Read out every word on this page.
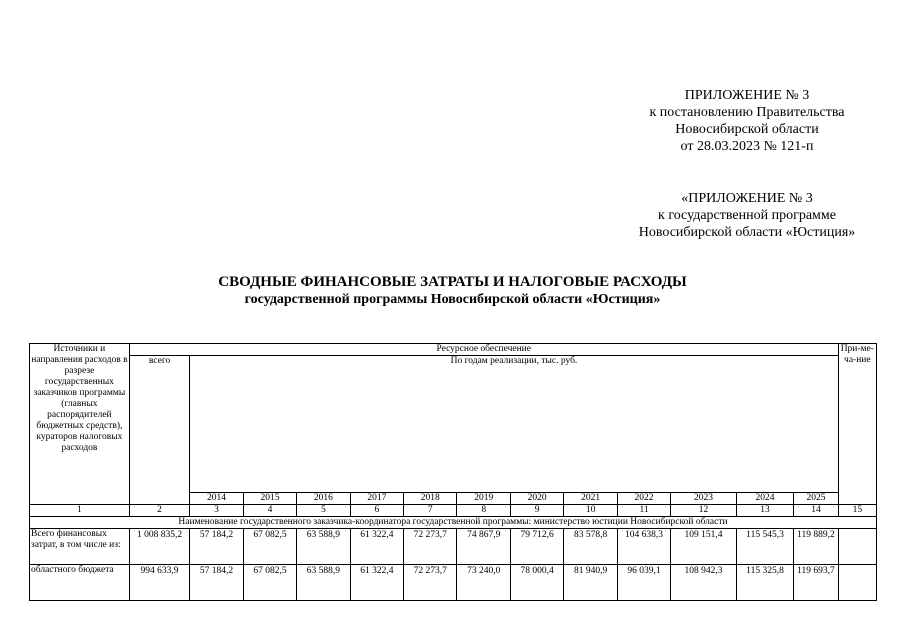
ПРИЛОЖЕНИЕ № 3
к постановлению Правительства
Новосибирской области
от 28.03.2023 № 121-п
«ПРИЛОЖЕНИЕ № 3
к государственной программе
Новосибирской области «Юстиция»
СВОДНЫЕ ФИНАНСОВЫЕ ЗАТРАТЫ И НАЛОГОВЫЕ РАСХОДЫ
государственной программы Новосибирской области «Юстиция»
Источники и направления расходов в разрезе государственных заказчиков программы (главных распорядителей бюджетных средств), кураторов налоговых расходов	Ресурсное обеспечение													При-ме-ча-ние
	всего	По годам реализации, тыс. руб.												
		2014	2015	2016	2017	2018	2019	2020	2021	2022	2023	2024	2025	
1	2	3	4	5	6	7	8	9	10	11	12	13	14	15
Наименование государственного заказчика-координатора государственной программы: министерство юстиции Новосибирской области														
Всего финансовых затрат, в том числе из:	1 008 835,2	57 184,2	67 082,5	63 588,9	61 322,4	72 273,7	74 867,9	79 712,6	83 578,8	104 638,3	109 151,4	115 545,3	119 889,2	
областного бюджета	994 633,9	57 184,2	67 082,5	63 588,9	61 322,4	72 273,7	73 240,0	78 000,4	81 940,9	96 039,1	108 942,3	115 325,8	119 693,7	
